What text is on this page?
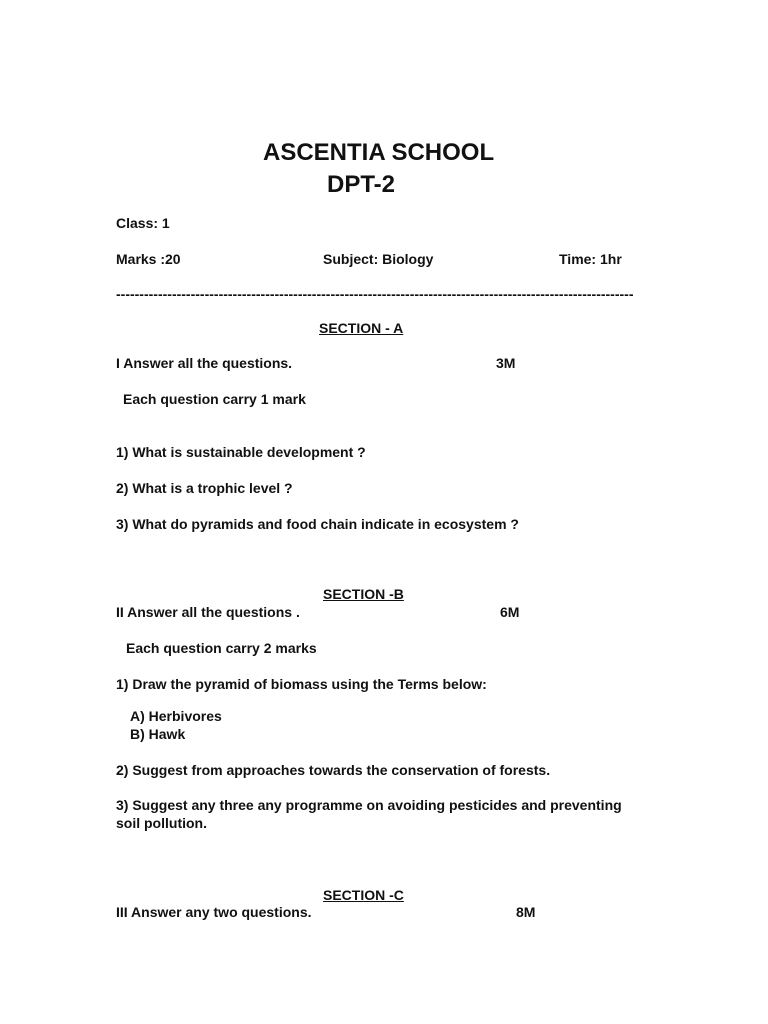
ASCENTIA SCHOOL
DPT-2
Class: 1
Marks :20	Subject: Biology	Time: 1hr
---------------------------------------------------------------------------------------------------------------
SECTION - A
I Answer all the questions.	3M
Each question carry 1 mark
1) What is sustainable development ?
2) What is a trophic level ?
3) What do pyramids and food chain indicate in ecosystem ?
SECTION -B
II Answer all the questions .	6M
Each question carry 2 marks
1) Draw the pyramid of biomass using the Terms below:
A) Herbivores
B) Hawk
2) Suggest from approaches towards the conservation of forests.
3) Suggest any three any programme on avoiding pesticides and preventing soil pollution.
SECTION -C
III Answer any two questions.	8M
